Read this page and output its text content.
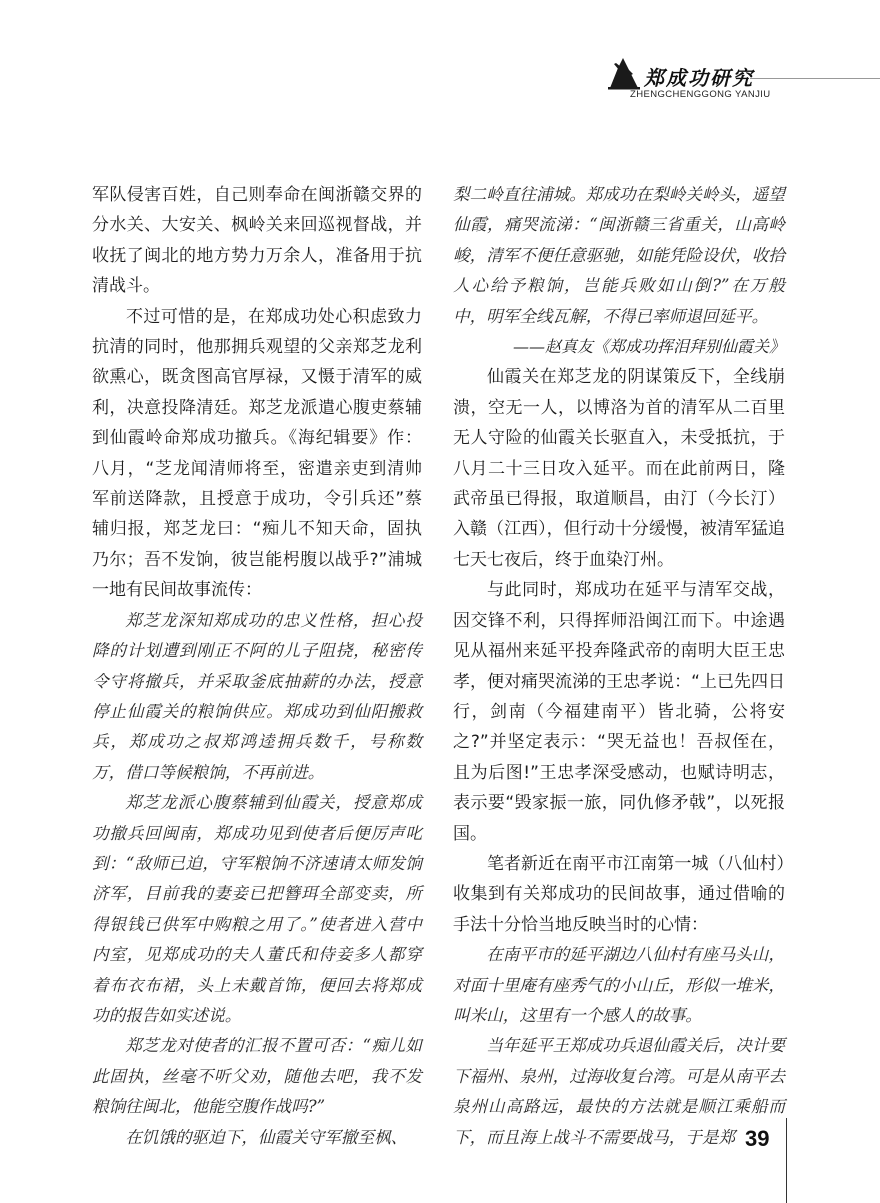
郑成功研究
ZHENGCHENGGONG YANJIU

军队侵害百姓，自己则奉命在闽浙赣交界的分水关、大安关、枫岭关来回巡视督战，并收抚了闽北的地方势力万余人，准备用于抗清战斗。

不过可惜的是，在郑成功处心积虑致力抗清的同时，他那拥兵观望的父亲郑芝龙利欲熏心，既贪图高官厚禄，又慑于清军的威利，决意投降清廷。郑芝龙派遣心腹吏蔡辅到仙霞岭命郑成功撤兵。《海纪辑要》作：八月，“芝龙闻清师将至，密遣亲吏到清帅军前送降款，且授意于成功，令引兵还”蔡辅归报，郑芝龙曰：“痴儿不知天命，固执乃尔；吾不发饷，彼岂能枵腹以战乎?”浦城一地有民间故事流传：

郑芝龙深知郑成功的忠义性格，担心投降的计划遭到刚正不阿的儿子阻挠，秘密传令守将撤兵，并采取釜底抽薪的办法，授意停止仙霞关的粮饷供应。郑成功到仙阳搬救兵，郑成功之叔郑鸿逵拥兵数千，号称数万，借口等候粮饷，不再前进。

郑芝龙派心腹蔡辅到仙霞关，授意郑成功撤兵回闽南，郑成功见到使者后便厉声叱到：“敌师已迫，守军粮饷不济速请太师发饷济军，目前我的妻妾已把簪珥全部变卖，所得银钱已供军中购粮之用了。”使者进入营中内室，见郑成功的夫人董氏和侍妾多人都穿着布衣布裙，头上未戴首饰，便回去将郑成功的报告如实述说。

郑芝龙对使者的汇报不置可否：“痴儿如此固执，丝毫不听父劝，随他去吧，我不发粮饷往闽北，他能空腹作战吗?”

在饥饿的驱迫下，仙霞关守军撤至枫、

梨二岭直往浦城。郑成功在梨岭关岭头，遥望仙霞，痛哭流涕：“闽浙赣三省重关，山高岭峻，清军不便任意驱驰，如能凭险设伏，收拾人心给予粮饷，岂能兵败如山倒?”在万般中，明军全线瓦解，不得已率师退回延平。

——赵真友《郑成功挥泪拜别仙霞关》

仙霞关在郑芝龙的阴谋策反下，全线崩溃，空无一人，以博洛为首的清军从二百里无人守险的仙霞关长驱直入，未受抵抗，于八月二十三日攻入延平。而在此前两日，隆武帝虽已得报，取道顺昌，由汀（今长汀）入赣（江西），但行动十分缓慢，被清军猛追七天七夜后，终于血染汀州。

与此同时，郑成功在延平与清军交战，因交锋不利，只得挥师沿闽江而下。中途遇见从福州来延平投奔隆武帝的南明大臣王忠孝，便对痛哭流涕的王忠孝说：“上已先四日行，剑南（今福建南平）皆北骑，公将安之?”并坚定表示：“哭无益也！吾叔侄在，且为后图!”王忠孝深受感动，也赋诗明志，表示要“毁家振一旅，同仇修矛戟”，以死报国。

笔者新近在南平市江南第一城（八仙村）收集到有关郑成功的民间故事，通过借喻的手法十分恰当地反映当时的心情：

在南平市的延平湖边八仙村有座马头山，对面十里庵有座秀气的小山丘，形似一堆米，叫米山，这里有一个感人的故事。

当年延平王郑成功兵退仙霞关后，决计要下福州、泉州，过海收复台湾。可是从南平去泉州山高路远，最快的方法就是顺江乘船而下，而且海上战斗不需要战马，于是郑 39
